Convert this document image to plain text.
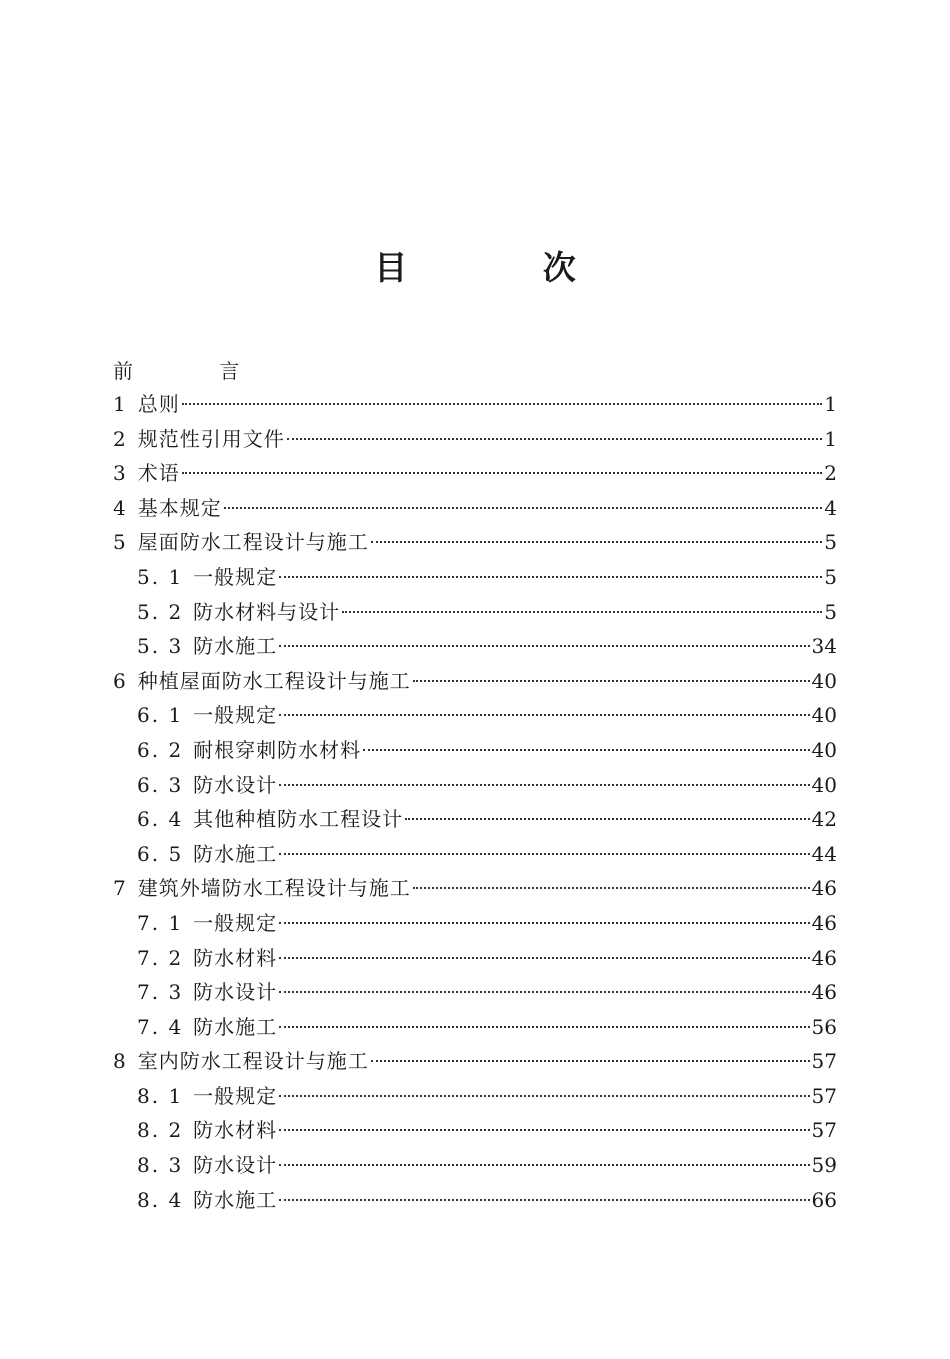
目 次
前 言
1 总则	1
2 规范性引用文件	1
3 术语	2
4 基本规定	4
5 屋面防水工程设计与施工	5
5. 1 一般规定	5
5. 2 防水材料与设计	5
5. 3 防水施工	34
6 种植屋面防水工程设计与施工	40
6. 1 一般规定	40
6. 2 耐根穿刺防水材料	40
6. 3 防水设计	40
6. 4 其他种植防水工程设计	42
6. 5 防水施工	44
7 建筑外墙防水工程设计与施工	46
7. 1 一般规定	46
7. 2 防水材料	46
7. 3 防水设计	46
7. 4 防水施工	56
8 室内防水工程设计与施工	57
8. 1 一般规定	57
8. 2 防水材料	57
8. 3 防水设计	59
8. 4 防水施工	66
